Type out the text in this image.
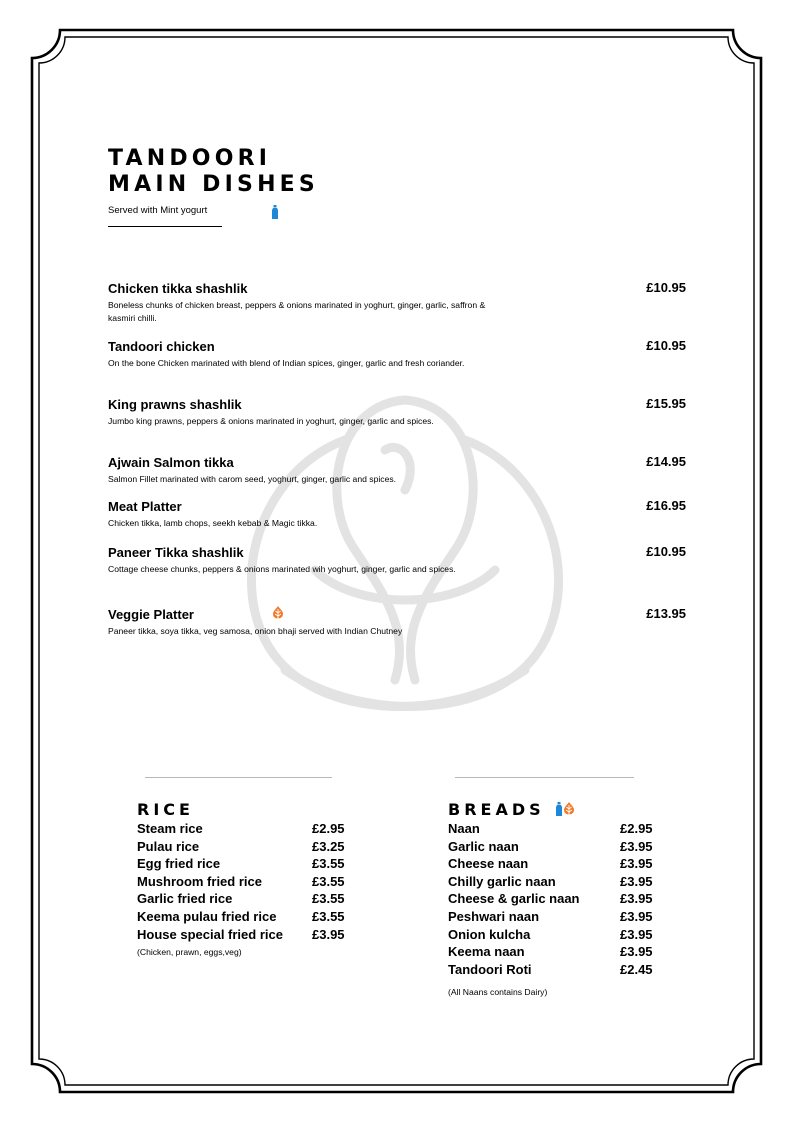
TANDOORI
MAIN DISHES
Served with Mint yogurt
Chicken tikka shashlik	£10.95
Boneless chunks of chicken breast, peppers & onions marinated in yoghurt, ginger, garlic, saffron & kasmiri chilli.
Tandoori chicken	£10.95
On the bone Chicken marinated with blend of Indian spices, ginger, garlic and fresh coriander.
King prawns shashlik	£15.95
Jumbo king prawns, peppers & onions marinated in yoghurt, ginger, garlic and spices.
Ajwain Salmon tikka	£14.95
Salmon Fillet marinated with carom seed, yoghurt, ginger, garlic and spices.
Meat Platter	£16.95
Chicken tikka, lamb chops, seekh kebab & Magic tikka.
Paneer Tikka shashlik	£10.95
Cottage cheese chunks, peppers & onions marinated wih yoghurt, ginger, garlic and spices.
Veggie Platter	£13.95
Paneer tikka, soya tikka, veg samosa, onion bhaji served with Indian Chutney
RICE
Steam rice	£2.95
Pulau rice	£3.25
Egg fried rice	£3.55
Mushroom fried rice	£3.55
Garlic fried rice	£3.55
Keema pulau fried rice	£3.55
House special fried rice £3.95
(Chicken, prawn, eggs,veg)
BREADS
Naan	£2.95
Garlic naan	£3.95
Cheese naan	£3.95
Chilly garlic naan	£3.95
Cheese & garlic naan	£3.95
Peshwari naan	£3.95
Onion kulcha	£3.95
Keema naan	£3.95
Tandoori Roti	£2.45
(All Naans contains Dairy)
